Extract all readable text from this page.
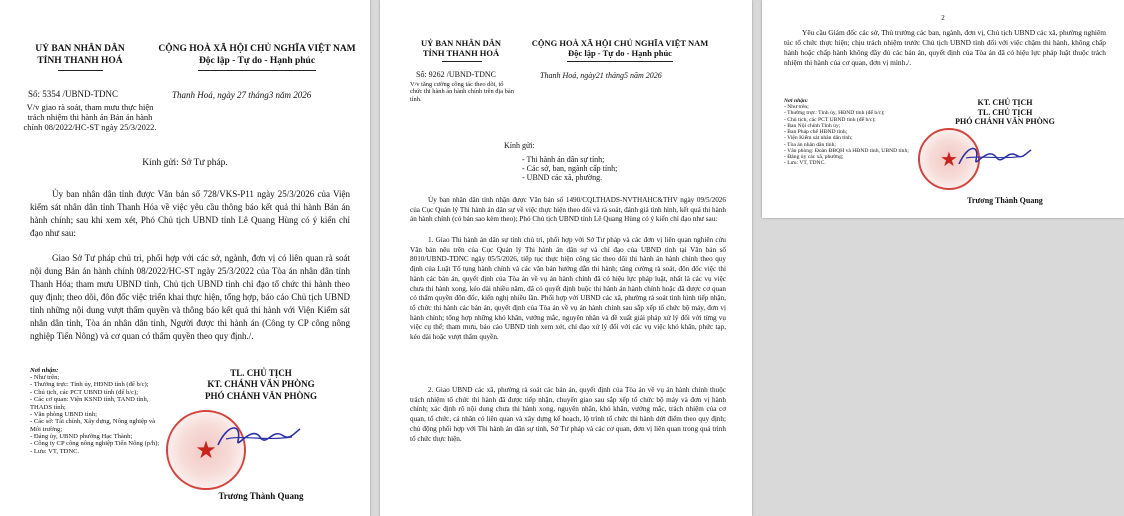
UỶ BAN NHÂN DÂN
TỈNH THANH HOÁ
CỘNG HOÀ XÃ HỘI CHỦ NGHĨA VIỆT NAM
Độc lập - Tự do - Hạnh phúc
Số: 5354 /UBND-TDNC
V/v giao rà soát, tham mưu thực hiện trách nhiệm thi hành án Bản án hành chính 08/2022/HC-ST ngày 25/3/2022.
Thanh Hoá, ngày 27 tháng3 năm 2026
Kính gửi: Sở Tư pháp.

Ủy ban nhân dân tỉnh được Văn bản số 728/VKS-P11 ngày 25/3/2026 của Viện kiểm sát nhân dân tỉnh Thanh Hóa về việc yêu cầu thông báo kết quả thi hành Bản án hành chính; sau khi xem xét, Phó Chủ tịch UBND tỉnh Lê Quang Hùng có ý kiến chỉ đạo như sau:

Giao Sở Tư pháp chủ trì, phối hợp với các sở, ngành, đơn vị có liên quan rà soát nội dung Bản án hành chính 08/2022/HC-ST ngày 25/3/2022 của Tòa án nhân dân tỉnh Thanh Hóa; tham mưu UBND tỉnh, Chủ tịch UBND tỉnh chỉ đạo tổ chức thi hành theo quy định; theo dõi, đôn đốc việc triển khai thực hiện, tổng hợp, báo cáo Chủ tịch UBND tỉnh những nội dung vượt thẩm quyền và thông báo kết quả thi hành với Viện Kiểm sát nhân dân tỉnh, Tòa án nhân dân tỉnh, Người được thi hành án (Công ty CP công nông nghiệp Tiến Nông) và cơ quan có thẩm quyền theo quy định./.

Nơi nhận:
- Như trên;
- Thường trực: Tỉnh ủy, HĐND tỉnh (để b/c);
- Chủ tịch, các PCT UBND tỉnh (để b/c);
- Các cơ quan: Viện KSND tỉnh, TAND tỉnh,
THADS tỉnh;
- Văn phòng UBND tỉnh;
- Các sở: Tài chính, Xây dựng, Nông nghiệp và
Môi trường;
- Đảng ủy, UBND phường Hạc Thành;
- Công ty CP công nông nghiệp Tiến Nông (p/h);
- Lưu: VT, TDNC.
TL. CHỦ TỊCH
KT. CHÁNH VĂN PHÒNG
PHÓ CHÁNH VĂN PHÒNG
★
Trương Thành Quang
UỶ BAN NHÂN DÂN
TỈNH THANH HOÁ
CỘNG HOÀ XÃ HỘI CHỦ NGHĨA VIỆT NAM
Độc lập - Tự do - Hạnh phúc
Số: 9262 /UBND-TDNC
V/v tăng cường công tác theo dõi, tổ chức thi hành án hành chính trên địa bàn tỉnh.
Thanh Hoá, ngày21 tháng5 năm 2026
Kính gửi:
- Thi hành án dân sự tỉnh;
- Các sở, ban, ngành cấp tỉnh;
- UBND các xã, phường.

Ủy ban nhân dân tỉnh nhận được Văn bản số 1490/CQLTHADS-NVTHAHC&THV ngày 09/5/2026 của Cục Quản lý Thi hành án dân sự về việc thực hiện theo dõi và rà soát, đánh giá tình hình, kết quả thi hành án hành chính (có bản sao kèm theo); Phó Chủ tịch UBND tỉnh Lê Quang Hùng có ý kiến chỉ đạo như sau:

1. Giao Thi hành án dân sự tỉnh chủ trì, phối hợp với Sở Tư pháp và các đơn vị liên quan nghiên cứu Văn bản nêu trên của Cục Quản lý Thi hành án dân sự và chỉ đạo của UBND tỉnh tại Văn bản số 8010/UBND-TDNC ngày 05/5/2026, tiếp tục thực hiện công tác theo dõi thi hành án hành chính theo quy định của Luật Tố tụng hành chính và các văn bản hướng dẫn thi hành; tăng cường rà soát, đôn đốc việc thi hành các bản án, quyết định của Tòa án về vụ án hành chính đã có hiệu lực pháp luật, nhất là các vụ việc chưa thi hành xong, kéo dài nhiều năm, đã có quyết định buộc thi hành án hành chính hoặc đã được cơ quan có thẩm quyền đôn đốc, kiến nghị nhiều lần. Phối hợp với UBND các xã, phường rà soát tình hình tiếp nhận, tổ chức thi hành các bản án, quyết định của Tòa án về vụ án hành chính sau sắp xếp tổ chức bộ máy, đơn vị hành chính; tổng hợp những khó khăn, vướng mắc, nguyên nhân và đề xuất giải pháp xử lý đối với từng vụ việc cụ thể; tham mưu, báo cáo UBND tỉnh xem xét, chỉ đạo xử lý đối với các vụ việc khó khăn, phức tạp, kéo dài hoặc vượt thẩm quyền.

2. Giao UBND các xã, phường rà soát các bản án, quyết định của Tòa án về vụ án hành chính thuộc trách nhiệm tổ chức thi hành đã được tiếp nhận, chuyển giao sau sắp xếp tổ chức bộ máy và đơn vị hành chính; xác định rõ nội dung chưa thi hành xong, nguyên nhân, khó khăn, vướng mắc, trách nhiệm của cơ quan, tổ chức, cá nhân có liên quan và xây dựng kế hoạch, lộ trình tổ chức thi hành dứt điểm theo quy định; chủ động phối hợp với Thi hành án dân sự tỉnh, Sở Tư pháp và các cơ quan, đơn vị liên quan trong quá trình tổ chức thực hiện.

2

Yêu cầu Giám đốc các sở, Thủ trưởng các ban, ngành, đơn vị, Chủ tịch UBND các xã, phường nghiêm túc tổ chức thực hiện; chịu trách nhiệm trước Chủ tịch UBND tỉnh đối với việc chậm thi hành, không chấp hành hoặc chấp hành không đầy đủ các bản án, quyết định của Tòa án đã có hiệu lực pháp luật thuộc trách nhiệm thi hành của cơ quan, đơn vị mình./.

Nơi nhận:
- Như trên;
- Thường trực: Tỉnh ủy, HĐND tỉnh (để b/c);
- Chủ tịch, các PCT UBND tỉnh (để b/c);
- Ban Nội chính Tỉnh ủy;
- Ban Pháp chế HĐND tỉnh;
- Viện Kiểm sát nhân dân tỉnh;
- Tòa án nhân dân tỉnh;
- Văn phòng: Đoàn ĐBQH và HĐND tỉnh, UBND tỉnh;
- Đảng ủy các xã, phường;
- Lưu: VT, TDNC.
KT. CHỦ TỊCH
TL. CHỦ TỊCH
PHÓ CHÁNH VĂN PHÒNG
★
Trương Thành Quang
